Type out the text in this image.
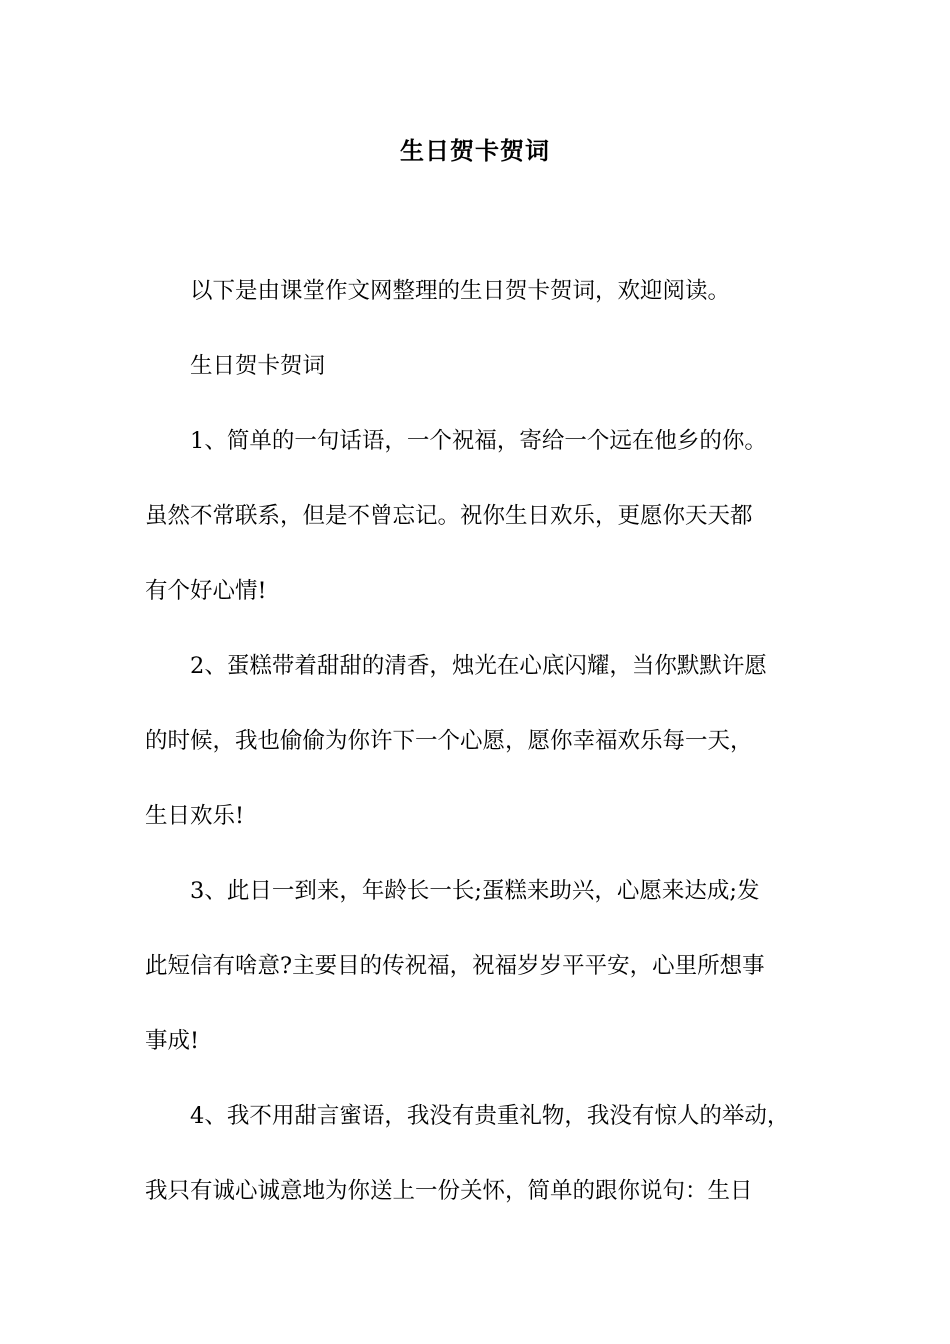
生日贺卡贺词

以下是由课堂作文网整理的生日贺卡贺词，欢迎阅读。

生日贺卡贺词

1、简单的一句话语，一个祝福，寄给一个远在他乡的你。
虽然不常联系，但是不曾忘记。祝你生日欢乐，更愿你天天都
有个好心情!

2、蛋糕带着甜甜的清香，烛光在心底闪耀，当你默默许愿
的时候，我也偷偷为你许下一个心愿，愿你幸福欢乐每一天，
生日欢乐!

3、此日一到来，年龄长一长;蛋糕来助兴，心愿来达成;发
此短信有啥意?主要目的传祝福，祝福岁岁平平安，心里所想事
事成!

4、我不用甜言蜜语，我没有贵重礼物，我没有惊人的举动，
我只有诚心诚意地为你送上一份关怀，简单的跟你说句：生日
